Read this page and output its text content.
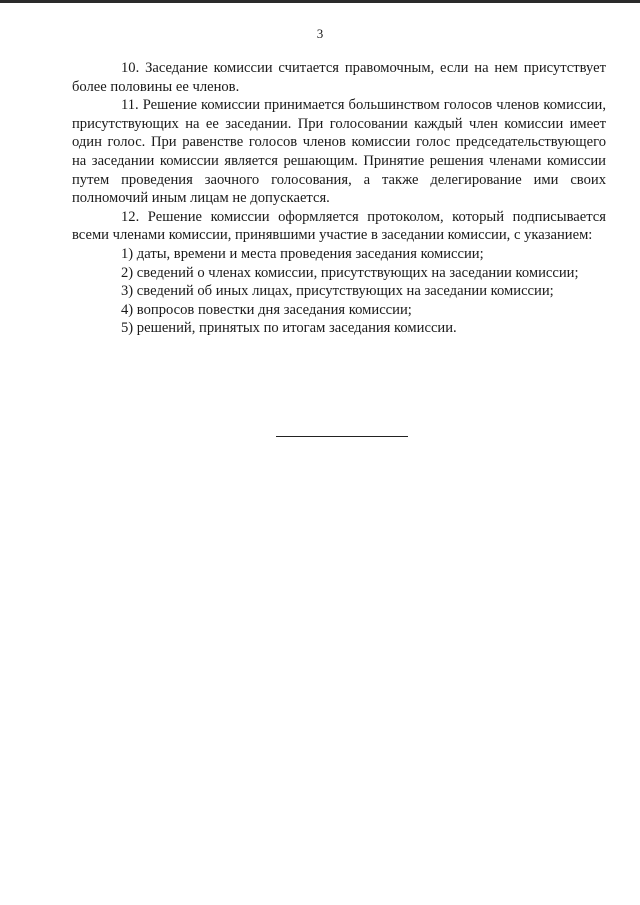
3

10. Заседание комиссии считается правомочным, если на нем присутствует более половины ее членов.

11. Решение комиссии принимается большинством голосов членов комиссии, присутствующих на ее заседании. При голосовании каждый член комиссии имеет один голос. При равенстве голосов членов комиссии голос председательствующего на заседании комиссии является решающим. Принятие решения членами комиссии путем проведения заочного голосования, а также делегирование ими своих полномочий иным лицам не допускается.

12. Решение комиссии оформляется протоколом, который подписывается всеми членами комиссии, принявшими участие в заседании комиссии, с указанием:

1) даты, времени и места проведения заседания комиссии;

2) сведений о членах комиссии, присутствующих на заседании комиссии;

3) сведений об иных лицах, присутствующих на заседании комиссии;

4) вопросов повестки дня заседания комиссии;

5) решений, принятых по итогам заседания комиссии.
